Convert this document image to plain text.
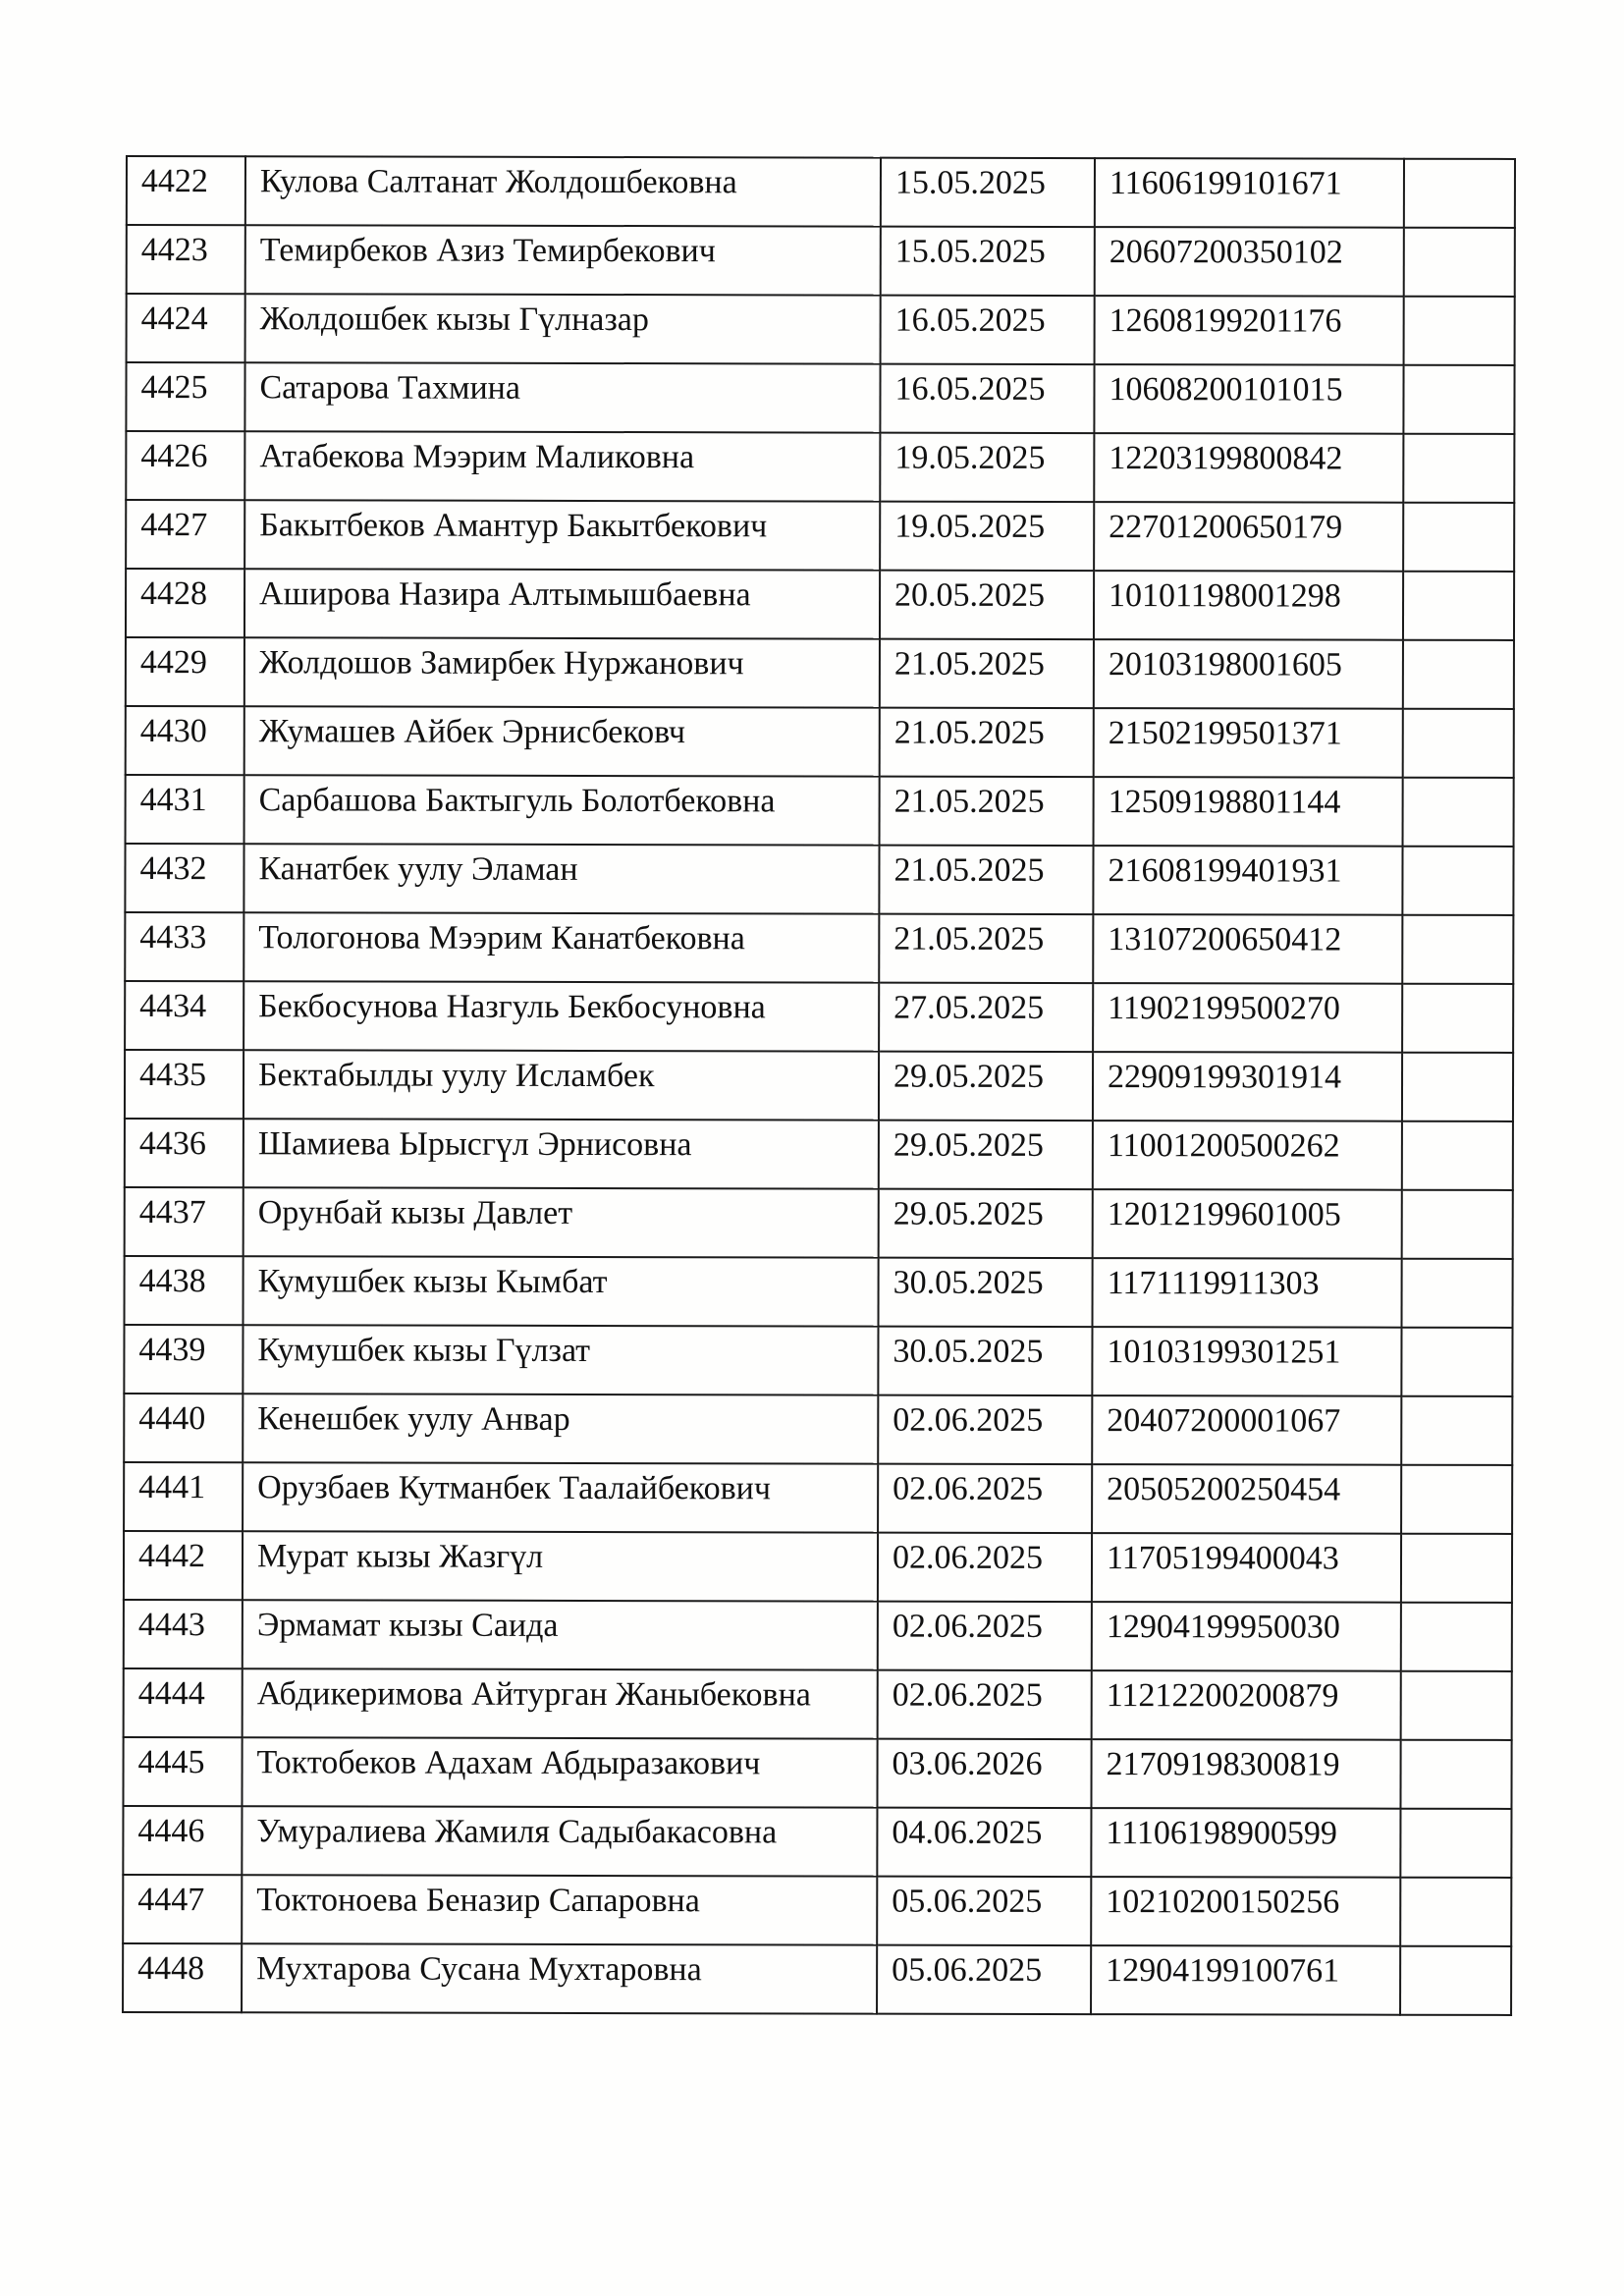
4422	Кулова Салтанат Жолдошбековна	15.05.2025	11606199101671	
4423	Темирбеков Азиз Темирбекович	15.05.2025	20607200350102	
4424	Жолдошбек кызы Гүлназар	16.05.2025	12608199201176	
4425	Сатарова Тахмина	16.05.2025	10608200101015	
4426	Атабекова Мээрим Маликовна	19.05.2025	12203199800842	
4427	Бакытбеков Амантур Бакытбекович	19.05.2025	22701200650179	
4428	Аширова Назира Алтымышбаевна	20.05.2025	10101198001298	
4429	Жолдошов Замирбек Нуржанович	21.05.2025	20103198001605	
4430	Жумашев Айбек Эрнисбековч	21.05.2025	21502199501371	
4431	Сарбашова Бактыгуль Болотбековна	21.05.2025	12509198801144	
4432	Канатбек уулу Эламан	21.05.2025	21608199401931	
4433	Тологонова Мээрим Канатбековна	21.05.2025	13107200650412	
4434	Бекбосунова Назгуль Бекбосуновна	27.05.2025	11902199500270	
4435	Бектабылды уулу Исламбек	29.05.2025	22909199301914	
4436	Шамиева Ырысгүл Эрнисовна	29.05.2025	11001200500262	
4437	Орунбай кызы Давлет	29.05.2025	12012199601005	
4438	Кумушбек кызы Кымбат	30.05.2025	1171119911303	
4439	Кумушбек кызы Гүлзат	30.05.2025	10103199301251	
4440	Кенешбек уулу Анвар	02.06.2025	20407200001067	
4441	Орузбаев Кутманбек Таалайбекович	02.06.2025	20505200250454	
4442	Мурат кызы Жазгүл	02.06.2025	11705199400043	
4443	Эрмамат кызы Саида	02.06.2025	12904199950030	
4444	Абдикеримова Айтурган Жаныбековна	02.06.2025	11212200200879	
4445	Токтобеков Адахам Абдыразакович	03.06.2026	21709198300819	
4446	Умуралиева Жамиля Садыбакасовна	04.06.2025	11106198900599	
4447	Токтоноева Беназир Сапаровна	05.06.2025	10210200150256	
4448	Мухтарова Сусана Мухтаровна	05.06.2025	12904199100761	
